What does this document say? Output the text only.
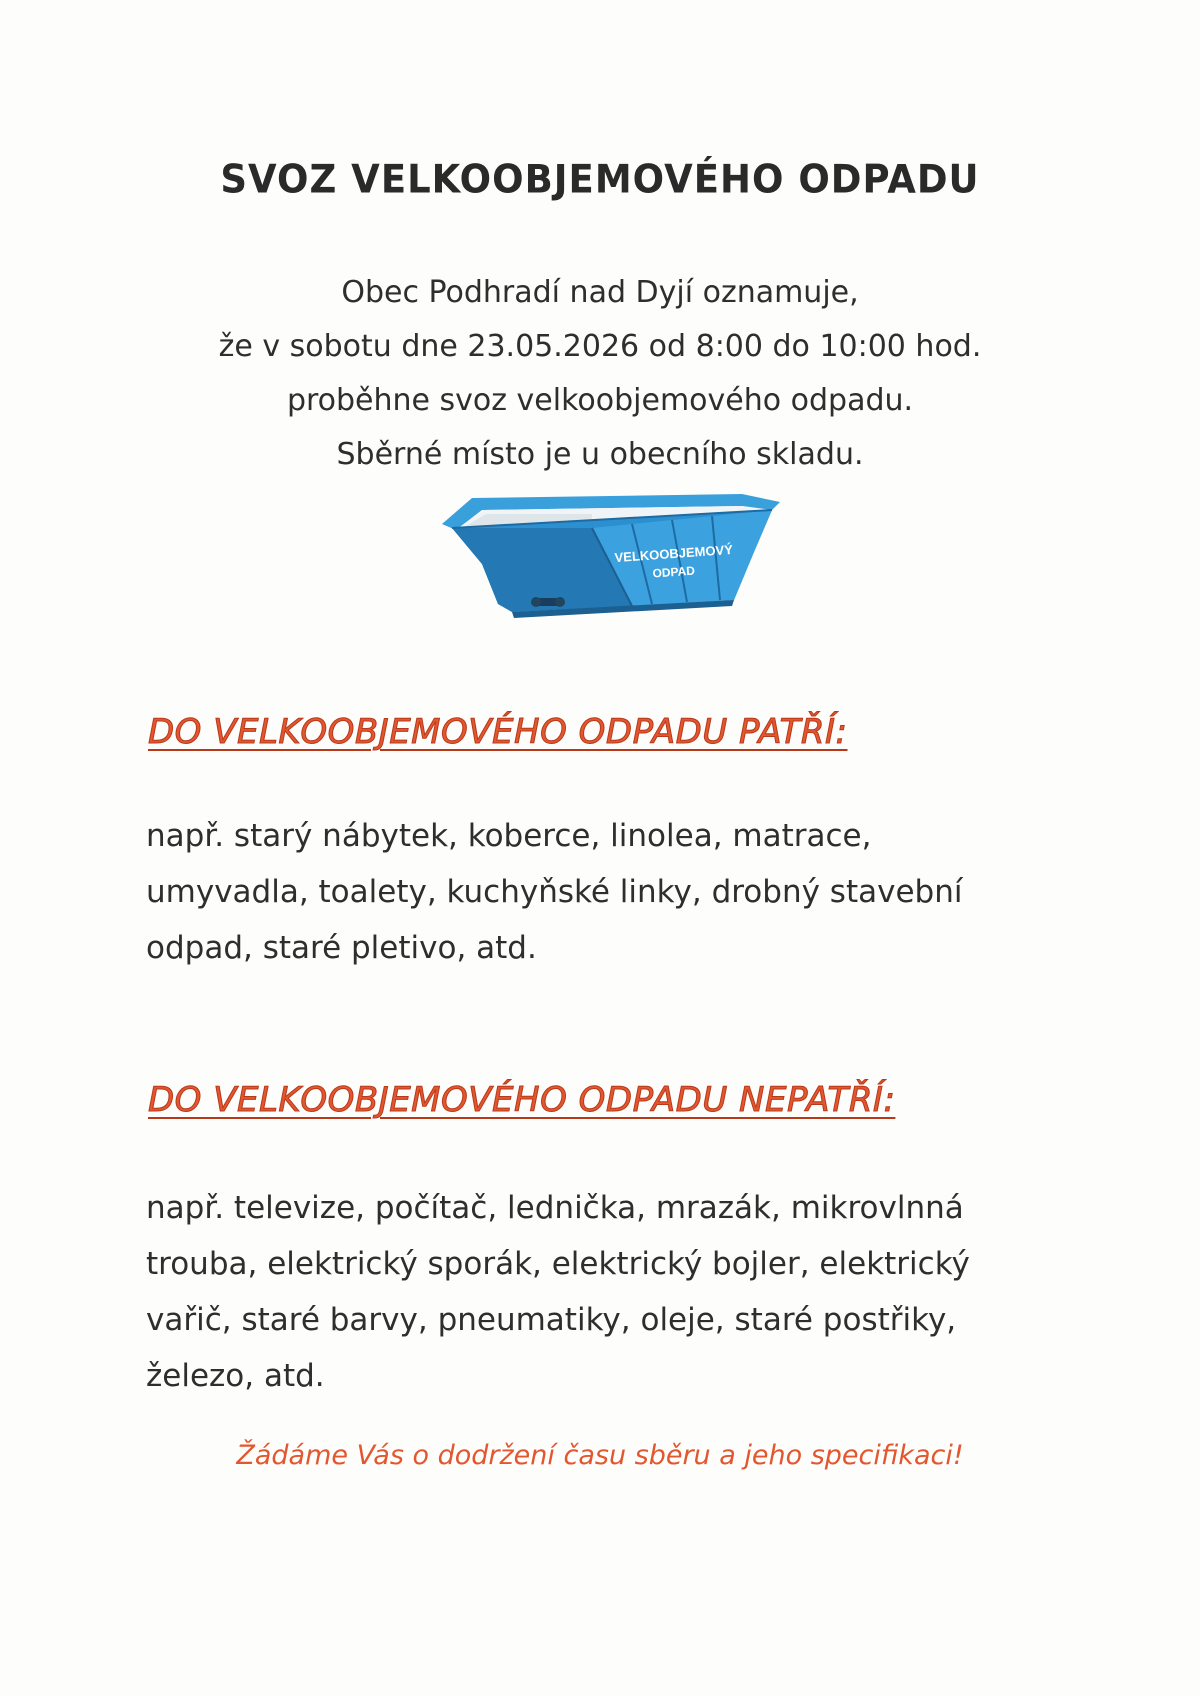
SVOZ VELKOOBJEMOVÉHO ODPADU
Obec Podhradí nad Dyjí oznamuje,
že v sobotu dne 23.05.2026 od 8:00 do 10:00 hod.
proběhne svoz velkoobjemového odpadu.
Sběrné místo je u obecního skladu.
VELKOOBJEMOVÝ
ODPAD
DO VELKOOBJEMOVÉHO ODPADU PATŘÍ:
např. starý nábytek, koberce, linolea, matrace,
umyvadla, toalety, kuchyňské linky, drobný stavební
odpad, staré pletivo, atd.
DO VELKOOBJEMOVÉHO ODPADU NEPATŘÍ:
např. televize, počítač, lednička, mrazák, mikrovlnná
trouba, elektrický sporák, elektrický bojler, elektrický
vařič, staré barvy, pneumatiky, oleje, staré postřiky,
železo, atd.
Žádáme Vás o dodržení času sběru a jeho specifikaci!
